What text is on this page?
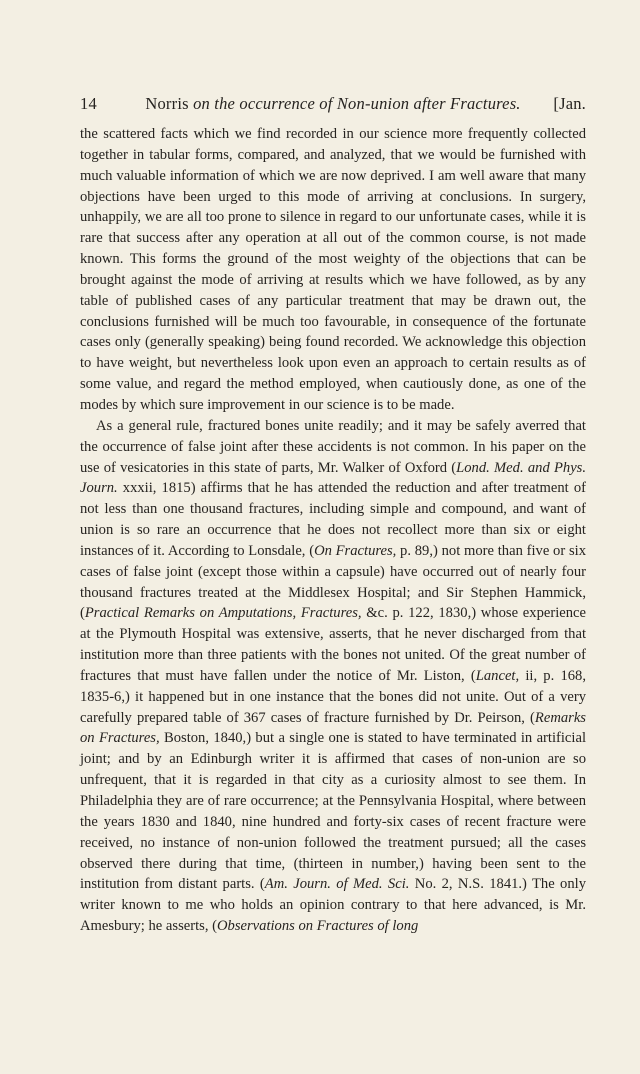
14	Norris on the occurrence of Non-union after Fractures.	[Jan.

the scattered facts which we find recorded in our science more frequently collected together in tabular forms, compared, and analyzed, that we would be furnished with much valuable information of which we are now deprived. I am well aware that many objections have been urged to this mode of arriving at conclusions. In surgery, unhappily, we are all too prone to silence in regard to our unfortunate cases, while it is rare that success after any operation at all out of the common course, is not made known. This forms the ground of the most weighty of the objections that can be brought against the mode of arriving at results which we have followed, as by any table of published cases of any particular treatment that may be drawn out, the conclusions furnished will be much too favourable, in consequence of the fortunate cases only (generally speaking) being found recorded. We acknowledge this objection to have weight, but nevertheless look upon even an approach to certain results as of some value, and regard the method employed, when cautiously done, as one of the modes by which sure improvement in our science is to be made.

As a general rule, fractured bones unite readily; and it may be safely averred that the occurrence of false joint after these accidents is not common. In his paper on the use of vesicatories in this state of parts, Mr. Walker of Oxford (Lond. Med. and Phys. Journ. xxxii, 1815) affirms that he has attended the reduction and after treatment of not less than one thousand fractures, including simple and compound, and want of union is so rare an occurrence that he does not recollect more than six or eight instances of it. According to Lonsdale, (On Fractures, p. 89,) not more than five or six cases of false joint (except those within a capsule) have occurred out of nearly four thousand fractures treated at the Middlesex Hospital; and Sir Stephen Hammick, (Practical Remarks on Amputations, Fractures, &c. p. 122, 1830,) whose experience at the Plymouth Hospital was extensive, asserts, that he never discharged from that institution more than three patients with the bones not united. Of the great number of fractures that must have fallen under the notice of Mr. Liston, (Lancet, ii, p. 168, 1835-6,) it happened but in one instance that the bones did not unite. Out of a very carefully prepared table of 367 cases of fracture furnished by Dr. Peirson, (Remarks on Fractures, Boston, 1840,) but a single one is stated to have terminated in artificial joint; and by an Edinburgh writer it is affirmed that cases of non-union are so unfrequent, that it is regarded in that city as a curiosity almost to see them. In Philadelphia they are of rare occurrence; at the Pennsylvania Hospital, where between the years 1830 and 1840, nine hundred and forty-six cases of recent fracture were received, no instance of non-union followed the treatment pursued; all the cases observed there during that time, (thirteen in number,) having been sent to the institution from distant parts. (Am. Journ. of Med. Sci. No. 2, N.S. 1841.) The only writer known to me who holds an opinion contrary to that here advanced, is Mr. Amesbury; he asserts, (Observations on Fractures of long
